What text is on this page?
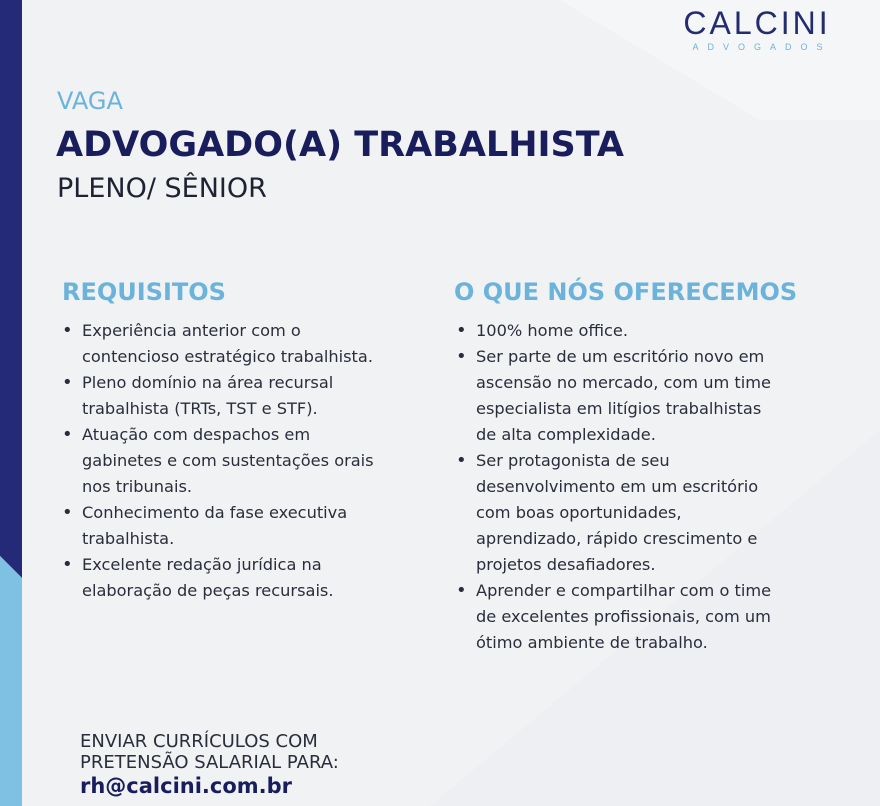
CALCINI
ADVOGADOS
VAGA
ADVOGADO(A) TRABALHISTA
PLENO/ SÊNIOR
REQUISITOS
• Experiência anterior com o
contencioso estratégico trabalhista.
• Pleno domínio na área recursal
trabalhista (TRTs, TST e STF).
• Atuação com despachos em
gabinetes e com sustentações orais
nos tribunais.
• Conhecimento da fase executiva
trabalhista.
• Excelente redação jurídica na
elaboração de peças recursais.
O QUE NÓS OFERECEMOS
• 100% home office.
• Ser parte de um escritório novo em
ascensão no mercado, com um time
especialista em litígios trabalhistas
de alta complexidade.
• Ser protagonista de seu
desenvolvimento em um escritório
com boas oportunidades,
aprendizado, rápido crescimento e
projetos desafiadores.
• Aprender e compartilhar com o time
de excelentes profissionais, com um
ótimo ambiente de trabalho.
ENVIAR CURRÍCULOS COM
PRETENSÃO SALARIAL PARA:
rh@calcini.com.br
